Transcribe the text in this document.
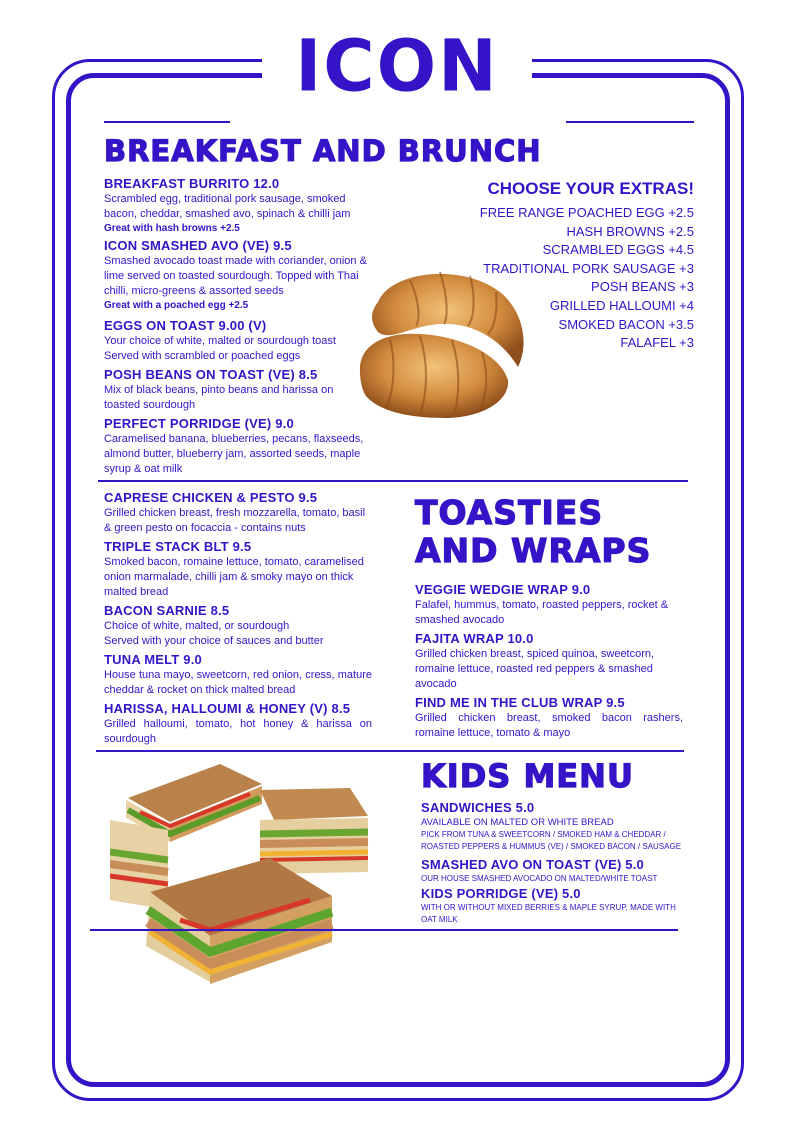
ICON
BREAKFAST AND BRUNCH
BREAKFAST BURRITO 12.0
Scrambled egg, traditional pork sausage, smoked bacon, cheddar, smashed avo, spinach & chilli jam
Great with hash browns +2.5
ICON SMASHED AVO (VE) 9.5
Smashed avocado toast made with coriander, onion & lime served on toasted sourdough. Topped with Thai chilli, micro-greens & assorted seeds
Great with a poached egg +2.5
EGGS ON TOAST 9.00 (V)
Your choice of white, malted or sourdough toast
Served with scrambled or poached eggs
POSH BEANS ON TOAST (VE) 8.5
Mix of black beans, pinto beans and harissa on toasted sourdough
PERFECT PORRIDGE (VE) 9.0
Caramelised banana, blueberries, pecans, flaxseeds, almond butter, blueberry jam, assorted seeds, maple syrup & oat milk
CHOOSE YOUR EXTRAS!
FREE RANGE POACHED EGG +2.5
HASH BROWNS +2.5
SCRAMBLED EGGS +4.5
TRADITIONAL PORK SAUSAGE +3
POSH BEANS +3
GRILLED HALLOUMI +4
SMOKED BACON +3.5
FALAFEL +3
CAPRESE CHICKEN & PESTO 9.5
Grilled chicken breast, fresh mozzarella, tomato, basil & green pesto on focaccia - contains nuts
TRIPLE STACK BLT 9.5
Smoked bacon, romaine lettuce, tomato, caramelised onion marmalade, chilli jam & smoky mayo on thick malted bread
BACON SARNIE 8.5
Choice of white, malted, or sourdough
Served with your choice of sauces and butter
TUNA MELT 9.0
House tuna mayo, sweetcorn, red onion, cress, mature cheddar & rocket on thick malted bread
HARISSA, HALLOUMI & HONEY (V) 8.5
Grilled halloumi, tomato, hot honey & harissa on sourdough
TOASTIES
AND WRAPS
VEGGIE WEDGIE WRAP 9.0
Falafel, hummus, tomato, roasted peppers, rocket & smashed avocado
FAJITA WRAP 10.0
Grilled chicken breast, spiced quinoa, sweetcorn, romaine lettuce, roasted red peppers & smashed avocado
FIND ME IN THE CLUB WRAP 9.5
Grilled chicken breast, smoked bacon rashers, romaine lettuce, tomato & mayo
KIDS MENU
SANDWICHES 5.0
AVAILABLE ON MALTED OR WHITE BREAD
PICK FROM TUNA & SWEETCORN / SMOKED HAM & CHEDDAR / ROASTED PEPPERS & HUMMUS (VE) / SMOKED BACON / SAUSAGE
SMASHED AVO ON TOAST (VE) 5.0
OUR HOUSE SMASHED AVOCADO ON MALTED/WHITE TOAST
KIDS PORRIDGE (VE) 5.0
WITH OR WITHOUT MIXED BERRIES & MAPLE SYRUP, MADE WITH OAT MILK
